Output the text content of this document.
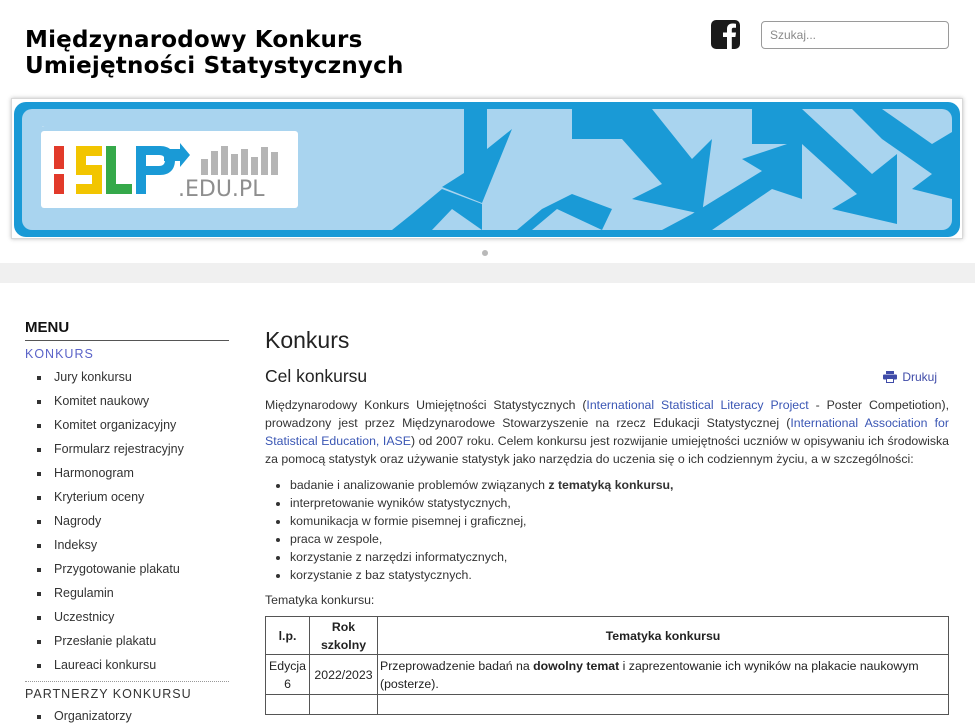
Międzynarodowy Konkurs
Umiejętności Statystycznych
Szukaj...
.EDU.PL
ISLP
MENU
KONKURS
Jury konkursu
Komitet naukowy
Komitet organizacyjny
Formularz rejestracyjny
Harmonogram
Kryterium oceny
Nagrody
Indeksy
Przygotowanie plakatu
Regulamin
Uczestnicy
Przesłanie plakatu
Laureaci konkursu
PARTNERZY KONKURSU
Organizatorzy
Konkurs
Cel konkursu	Drukuj

Międzynarodowy Konkurs Umiejętności Statystycznych (International Statistical Literacy Project - Poster Competiotion), prowadzony jest przez Międzynarodowe Stowarzyszenie na rzecz Edukacji Statystycznej (International Association for Statistical Education, IASE) od 2007 roku. Celem konkursu jest rozwijanie umiejętności uczniów w opisywaniu ich środowiska za pomocą statystyk oraz używanie statystyk jako narzędzia do uczenia się o ich codziennym życiu, a w szczególności:

• badanie i analizowanie problemów związanych z tematyką konkursu,
• interpretowanie wyników statystycznych,
• komunikacja w formie pisemnej i graficznej,
• praca w zespole,
• korzystanie z narzędzi informatycznych,
• korzystanie z baz statystycznych.

Tematyka konkursu:

l.p.	Rok szkolny	Tematyka konkursu
Edycja 6	2022/2023	Przeprowadzenie badań na dowolny temat i zaprezentowanie ich wyników na plakacie naukowym (posterze).
